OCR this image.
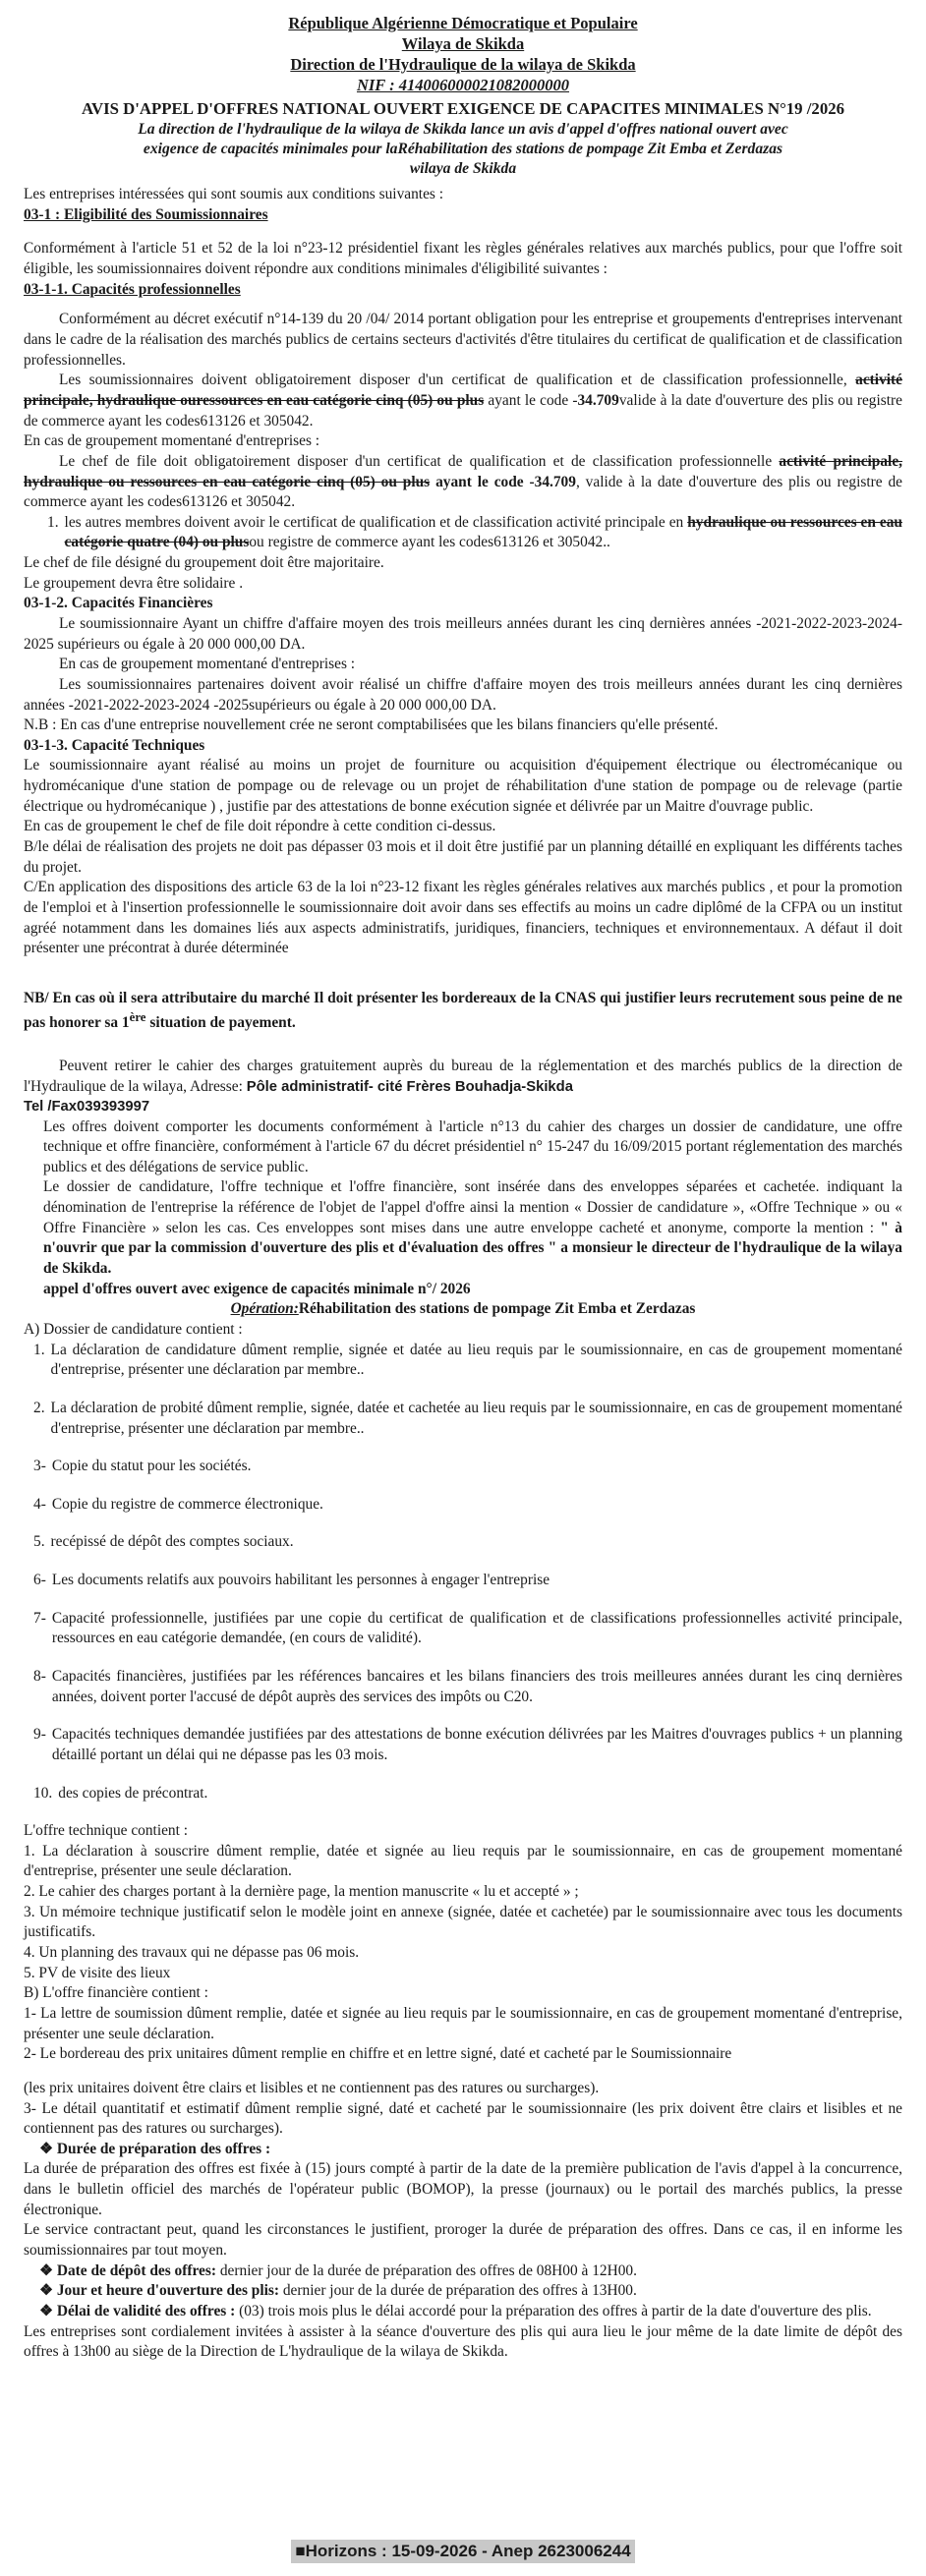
République Algérienne Démocratique et Populaire
Wilaya de Skikda
Direction de l'Hydraulique de la wilaya de Skikda
NIF : 414006000021082000000
AVIS D'APPEL D'OFFRES NATIONAL OUVERT EXIGENCE DE CAPACITES MINIMALES N°19 /2026
La direction de l'hydraulique de la wilaya de Skikda lance un avis d'appel d'offres national ouvert avec
exigence de capacités minimales pour laRéhabilitation des stations de pompage Zit Emba et Zerdazas
wilaya de Skikda

Les entreprises intéressées qui sont soumis aux conditions suivantes :

03-1 : Eligibilité des Soumissionnaires

Conformément à l'article 51 et 52 de la loi n°23-12 présidentiel fixant les règles générales relatives aux marchés publics, pour que l'offre soit éligible, les soumissionnaires doivent répondre aux conditions minimales d'éligibilité suivantes :

03-1-1. Capacités professionnelles

Conformément au décret exécutif n°14-139 du 20 /04/ 2014 portant obligation pour les entreprise et groupements d'entreprises intervenant dans le cadre de la réalisation des marchés publics de certains secteurs d'activités d'être titulaires du certificat de qualification et de classification professionnelles.

Les soumissionnaires doivent obligatoirement disposer d'un certificat de qualification et de classification professionnelle, activité principale, hydraulique ouressources en eau catégorie cinq (05) ou plus ayant le code -34.709valide à la date d'ouverture des plis ou registre de commerce ayant les codes613126 et 305042.

En cas de groupement momentané d'entreprises :

Le chef de file doit obligatoirement disposer d'un certificat de qualification et de classification professionnelle activité principale, hydraulique ou ressources en eau catégorie cinq (05) ou plus ayant le code -34.709, valide à la date d'ouverture des plis ou registre de commerce ayant les codes613126 et 305042.

1. les autres membres doivent avoir le certificat de qualification et de classification activité principale en hydraulique ou ressources en eau catégorie quatre (04) ou plusou registre de commerce ayant les codes613126 et 305042..

Le chef de file désigné du groupement doit être majoritaire.

Le groupement devra être solidaire .

03-1-2. Capacités Financières

Le soumissionnaire Ayant un chiffre d'affaire moyen des trois meilleurs années durant les cinq dernières années -2021-2022-2023-2024-2025 supérieurs ou égale à 20 000 000,00 DA.

En cas de groupement momentané d'entreprises :

Les soumissionnaires partenaires doivent avoir réalisé un chiffre d'affaire moyen des trois meilleurs années durant les cinq dernières années -2021-2022-2023-2024 -2025supérieurs ou égale à 20 000 000,00 DA.

N.B : En cas d'une entreprise nouvellement crée ne seront comptabilisées que les bilans financiers qu'elle présenté.

03-1-3. Capacité Techniques

Le soumissionnaire ayant réalisé au moins un projet de fourniture ou acquisition d'équipement électrique ou électromécanique ou hydromécanique d'une station de pompage ou de relevage ou un projet de réhabilitation d'une station de pompage ou de relevage (partie électrique ou hydromécanique ) , justifie par des attestations de bonne exécution signée et délivrée par un Maitre d'ouvrage public.

En cas de groupement le chef de file doit répondre à cette condition ci-dessus.

B/le délai de réalisation des projets ne doit pas dépasser 03 mois et il doit être justifié par un planning détaillé en expliquant les différents taches du projet.

C/En application des dispositions des article 63 de la loi n°23-12 fixant les règles générales relatives aux marchés publics , et pour la promotion de l'emploi et à l'insertion professionnelle le soumissionnaire doit avoir dans ses effectifs au moins un cadre diplômé de la CFPA ou un institut agréé notamment dans les domaines liés aux aspects administratifs, juridiques, financiers, techniques et environnementaux. A défaut il doit présenter une précontrat à durée déterminée

NB/ En cas où il sera attributaire du marché Il doit présenter les bordereaux de la CNAS qui justifier leurs recrutement sous peine de ne pas honorer sa 1ère situation de payement.

Peuvent retirer le cahier des charges gratuitement auprès du bureau de la réglementation et des marchés publics de la direction de l'Hydraulique de la wilaya, Adresse: Pôle administratif- cité Frères Bouhadja-Skikda

Tel /Fax039393997

Les offres doivent comporter les documents conformément à l'article n°13 du cahier des charges un dossier de candidature, une offre technique et offre financière, conformément à l'article 67 du décret présidentiel n° 15-247 du 16/09/2015 portant réglementation des marchés publics et des délégations de service public.

Le dossier de candidature, l'offre technique et l'offre financière, sont insérée dans des enveloppes séparées et cachetée. indiquant la dénomination de l'entreprise la référence de l'objet de l'appel d'offre ainsi la mention « Dossier de candidature », «Offre Technique » ou « Offre Financière » selon les cas. Ces enveloppes sont mises dans une autre enveloppe cacheté et anonyme, comporte la mention : " à n'ouvrir que par la commission d'ouverture des plis et d'évaluation des offres " a monsieur le directeur de l'hydraulique de la wilaya de Skikda.

appel d'offres ouvert avec exigence de capacités minimale n°/ 2026

Opération:Réhabilitation des stations de pompage Zit Emba et Zerdazas

A) Dossier de candidature contient :

1. La déclaration de candidature dûment remplie, signée et datée au lieu requis par le soumissionnaire, en cas de groupement momentané d'entreprise, présenter une déclaration par membre..
2. La déclaration de probité dûment remplie, signée, datée et cachetée au lieu requis par le soumissionnaire, en cas de groupement momentané d'entreprise, présenter une déclaration par membre..
3- Copie du statut pour les sociétés.
4- Copie du registre de commerce électronique.
5. recépissé de dépôt des comptes sociaux.
6- Les documents relatifs aux pouvoirs habilitant les personnes à engager l'entreprise
7- Capacité professionnelle, justifiées par une copie du certificat de qualification et de classifications professionnelles activité principale, ressources en eau catégorie demandée, (en cours de validité).
8- Capacités financières, justifiées par les références bancaires et les bilans financiers des trois meilleures années durant les cinq dernières années, doivent porter l'accusé de dépôt auprès des services des impôts ou C20.
9- Capacités techniques demandée justifiées par des attestations de bonne exécution délivrées par les Maitres d'ouvrages publics + un planning détaillé portant un délai qui ne dépasse pas les 03 mois.
10. des copies de précontrat.

L'offre technique contient :

1. La déclaration à souscrire dûment remplie, datée et signée au lieu requis par le soumissionnaire, en cas de groupement momentané d'entreprise, présenter une seule déclaration.

2. Le cahier des charges portant à la dernière page, la mention manuscrite « lu et accepté » ;

3. Un mémoire technique justificatif selon le modèle joint en annexe (signée, datée et cachetée) par le soumissionnaire avec tous les documents justificatifs.

4. Un planning des travaux qui ne dépasse pas 06 mois.

5. PV de visite des lieux

B) L'offre financière contient :

1- La lettre de soumission dûment remplie, datée et signée au lieu requis par le soumissionnaire, en cas de groupement momentané d'entreprise, présenter une seule déclaration.

2- Le bordereau des prix unitaires dûment remplie en chiffre et en lettre signé, daté et cacheté par le Soumissionnaire

(les prix unitaires doivent être clairs et lisibles et ne contiennent pas des ratures ou surcharges).

3- Le détail quantitatif et estimatif dûment remplie signé, daté et cacheté par le soumissionnaire (les prix doivent être clairs et lisibles et ne contiennent pas des ratures ou surcharges).

❖ Durée de préparation des offres :

La durée de préparation des offres est fixée à (15) jours compté à partir de la date de la première publication de l'avis d'appel à la concurrence, dans le bulletin officiel des marchés de l'opérateur public (BOMOP), la presse (journaux) ou le portail des marchés publics, la presse électronique.

Le service contractant peut, quand les circonstances le justifient, proroger la durée de préparation des offres. Dans ce cas, il en informe les soumissionnaires par tout moyen.

❖ Date de dépôt des offres: dernier jour de la durée de préparation des offres de 08H00 à 12H00.

❖ Jour et heure d'ouverture des plis: dernier jour de la durée de préparation des offres à 13H00.

❖ Délai de validité des offres : (03) trois mois plus le délai accordé pour la préparation des offres à partir de la date d'ouverture des plis.

Les entreprises sont cordialement invitées à assister à la séance d'ouverture des plis qui aura lieu le jour même de la date limite de dépôt des offres à 13h00 au siège de la Direction de L'hydraulique de la wilaya de Skikda.

■Horizons : 15-09-2026 - Anep 2623006244
